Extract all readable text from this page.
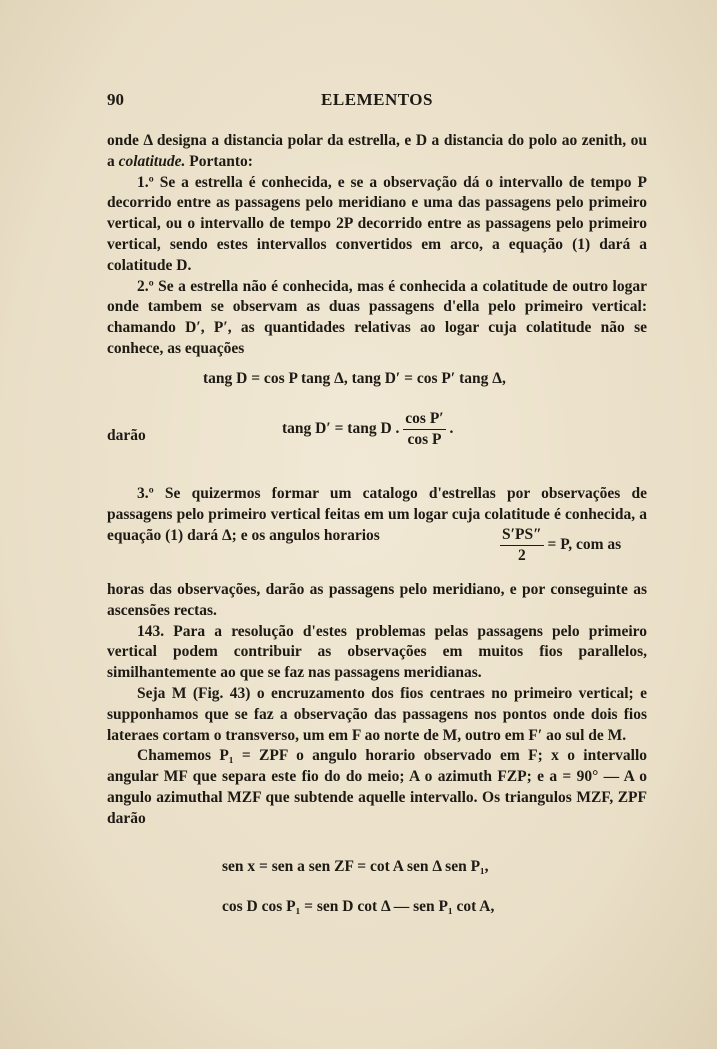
90	ELEMENTOS

onde Δ designa a distancia polar da estrella, e D a distancia do polo ao zenith, ou a colatitude. Portanto:

1.º Se a estrella é conhecida, e se a observação dá o intervallo de tempo P decorrido entre as passagens pelo meridiano e uma das passagens pelo primeiro vertical, ou o intervallo de tempo 2P decorrido entre as passagens pelo primeiro vertical, sendo estes intervallos convertidos em arco, a equação (1) dará a colatitude D.

2.º Se a estrella não é conhecida, mas é conhecida a colatitude de outro logar onde tambem se observam as duas passagens d'ella pelo primeiro vertical: chamando D′, P′, as quantidades relativas ao logar cuja colatitude não se conhece, as equações

tang D = cos P tang Δ, tang D′ = cos P′ tang Δ,
darão	tang D′ = tang D . $\frac{\text{cos P′}}{\text{cos P}}$ .

3.º Se quizermos formar um catalogo d'estrellas por observações de passagens pelo primeiro vertical feitas em um logar cuja colatitude é conhecida, a equação (1) dará Δ; e os angulos horarios	$\frac{S'PS''}{2} = P$, com as

horas das observações, darão as passagens pelo meridiano, e por conseguinte as ascensões rectas.

143. Para a resolução d'estes problemas pelas passagens pelo primeiro vertical podem contribuir as observações em muitos fios parallelos, similhantemente ao que se faz nas passagens meridianas.

Seja M (Fig. 43) o encruzamento dos fios centraes no primeiro vertical; e supponhamos que se faz a observação das passagens nos pontos onde dois fios lateraes cortam o transverso, um em F ao norte de M, outro em F′ ao sul de M.

Chamemos P₁ = ZPF o angulo horario observado em F; x o intervallo angular MF que separa este fio do do meio; A o azimuth FZP; e a = 90° — A o angulo azimuthal MZF que subtende aquelle intervallo. Os triangulos MZF, ZPF darão

sen x = sen a sen ZF = cot A sen Δ sen P₁,
cos D cos P₁ = sen D cot Δ — sen P₁ cot A,
